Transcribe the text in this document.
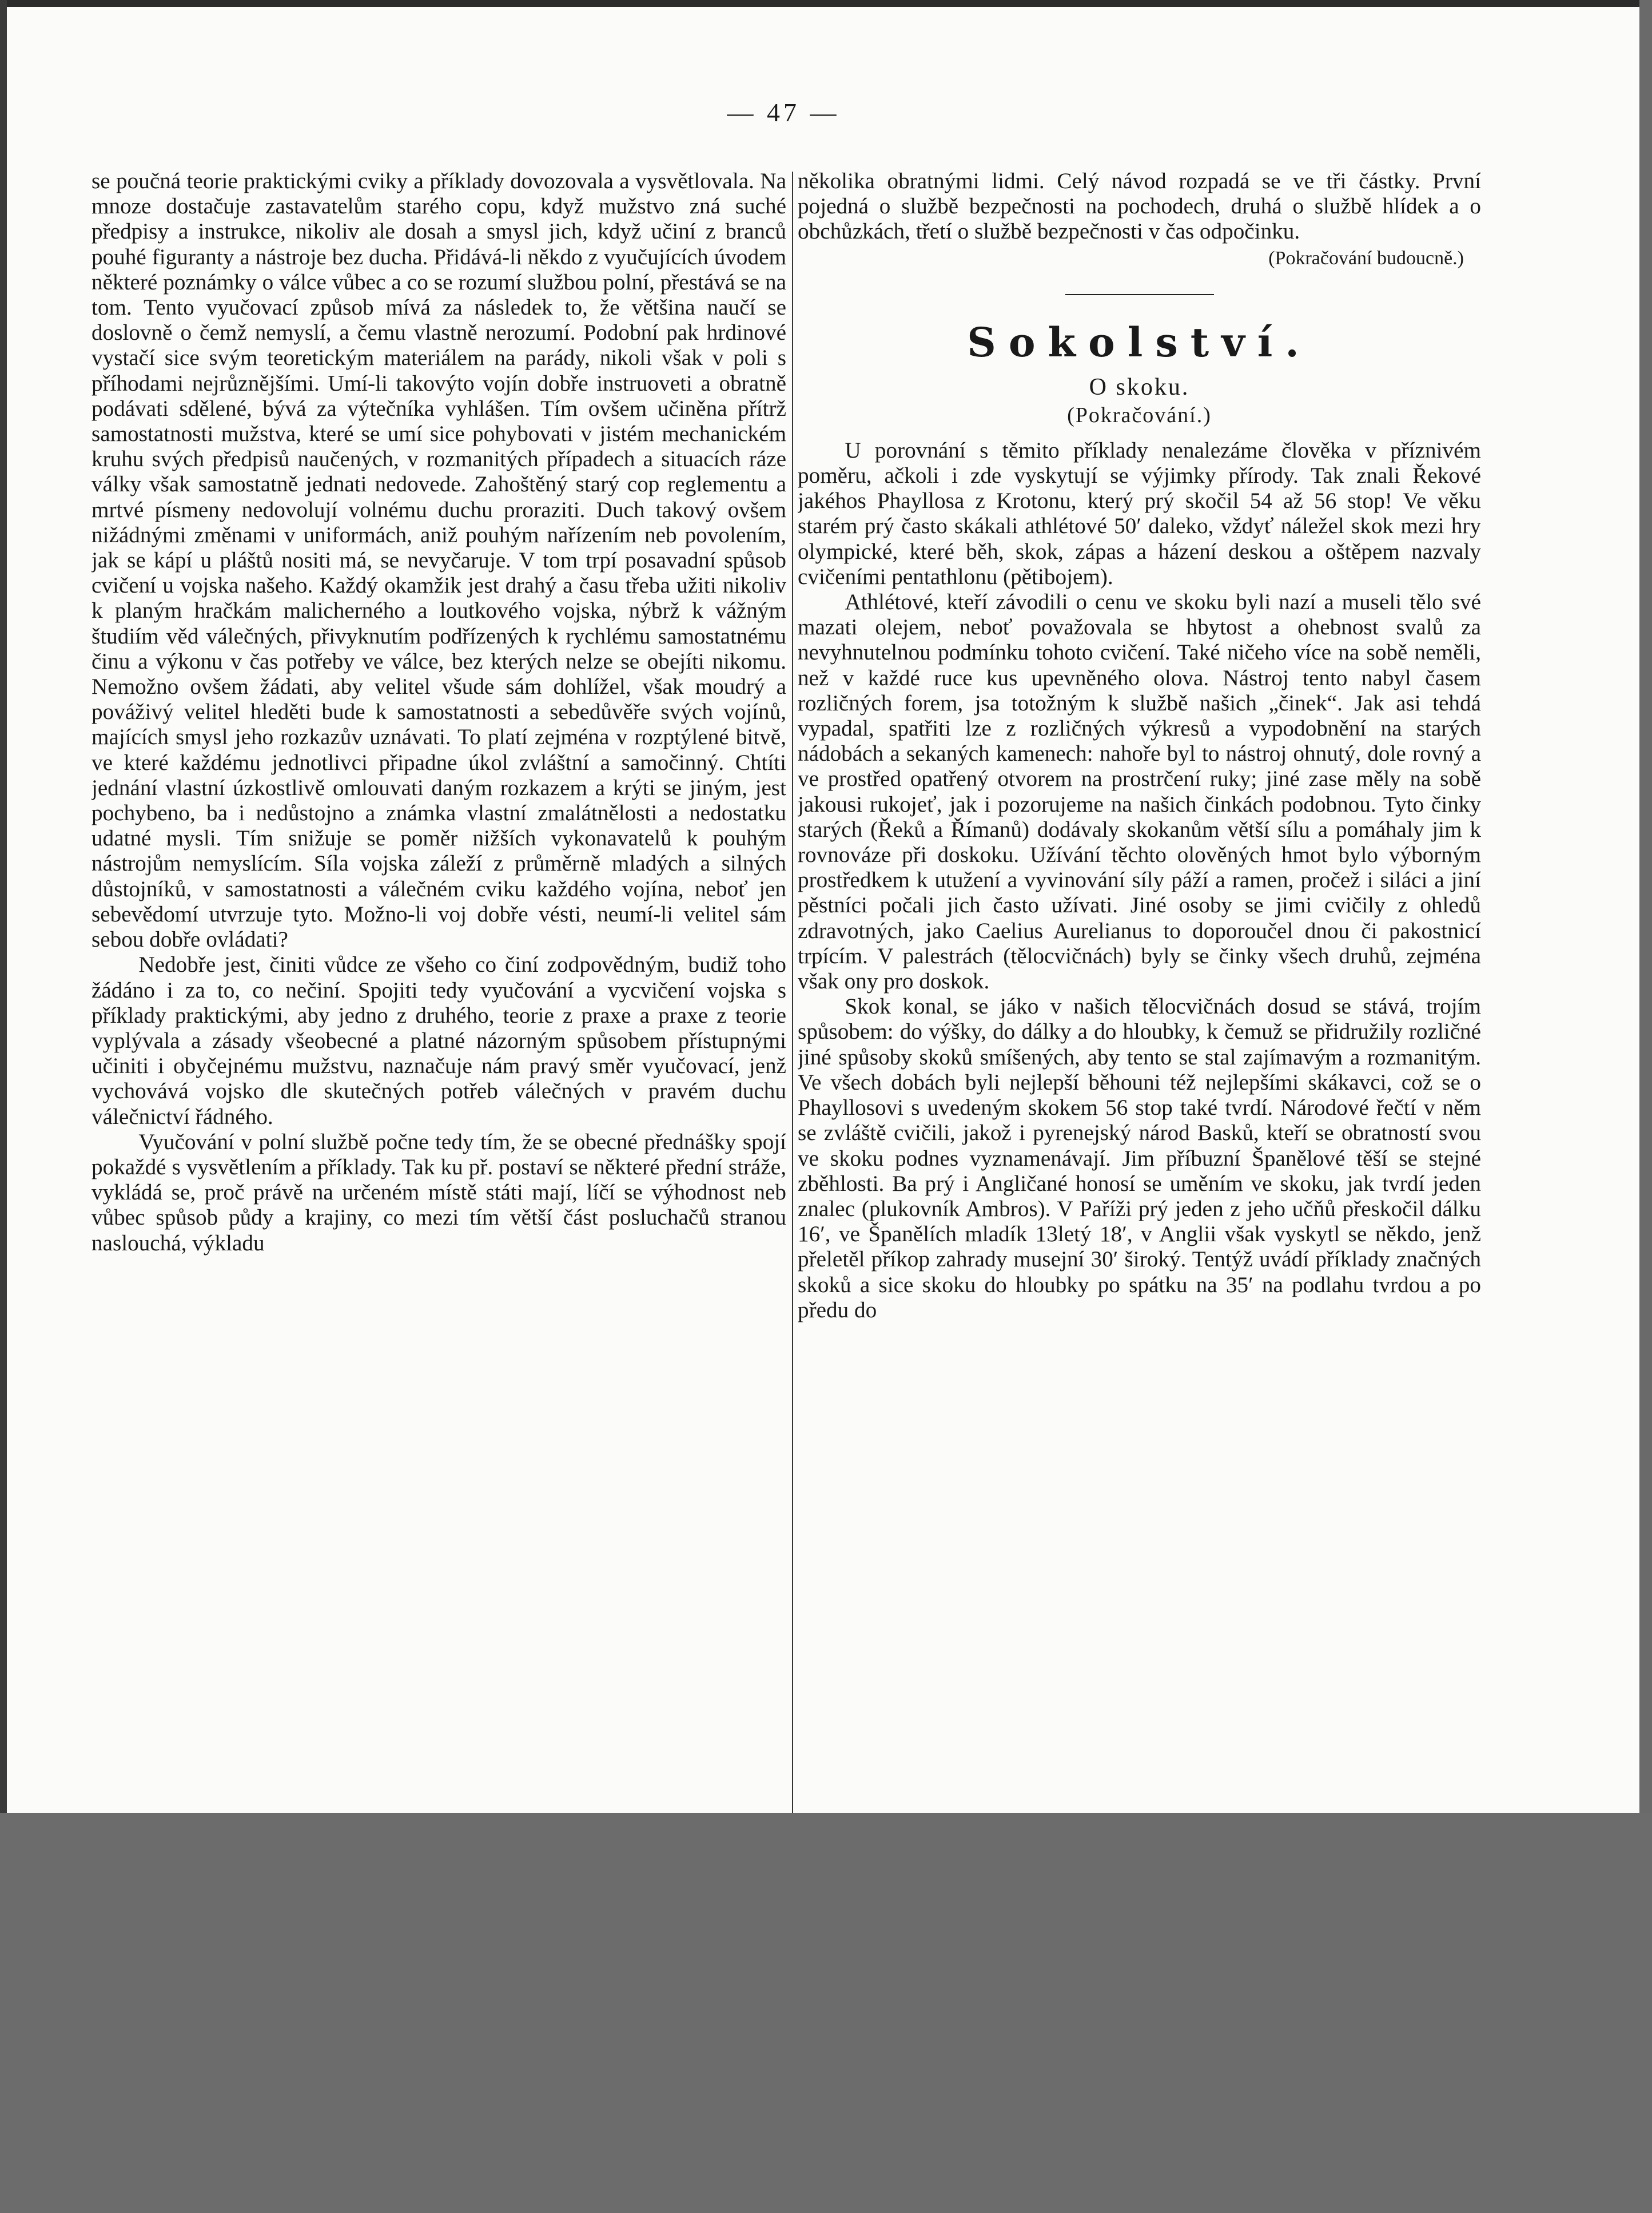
— 47 —

se poučná teorie praktickými cviky a příklady dovozovala a vysvětlovala. Na mnoze dostačuje zastavatelům starého copu, když mužstvo zná suché předpisy a instrukce, nikoliv ale dosah a smysl jich, když učiní z branců pouhé figuranty a nástroje bez ducha. Přidává-li někdo z vyučujících úvodem některé poznámky o válce vůbec a co se rozumí službou polní, přestává se na tom. Tento vyučovací způsob mívá za následek to, že většina naučí se doslovně o čemž nemyslí, a čemu vlastně nerozumí. Podobní pak hrdinové vystačí sice svým teoretickým materiálem na parády, nikoli však v poli s příhodami nejrůznějšími. Umí-li takovýto vojín dobře instruoveti a obratně podávati sdělené, bývá za výtečníka vyhlášen. Tím ovšem učiněna přítrž samostatnosti mužstva, které se umí sice pohybovati v jistém mechanickém kruhu svých předpisů naučených, v rozmanitých případech a situacích ráze války však samostatně jednati nedovede. Zahoštěný starý cop reglementu a mrtvé písmeny nedovolují volnému duchu proraziti. Duch takový ovšem nižádnými změnami v uniformách, aniž pouhým nařízením neb povolením, jak se kápí u pláštů nositi má, se nevyčaruje. V tom trpí posavadní spůsob cvičení u vojska našeho. Každý okamžik jest drahý a času třeba užiti nikoliv k planým hračkám malicherného a loutkového vojska, nýbrž k vážným študiím věd válečných, přivyknutím podřízených k rychlému samostatnému činu a výkonu v čas potřeby ve válce, bez kterých nelze se obejíti nikomu. Nemožno ovšem žádati, aby velitel všude sám dohlížel, však moudrý a pováživý velitel hleděti bude k samostatnosti a sebedůvěře svých vojínů, majících smysl jeho rozkazův uznávati. To platí zejména v rozptýlené bitvě, ve které každému jednotlivci připadne úkol zvláštní a samočinný. Chtíti jednání vlastní úzkostlivě omlouvati daným rozkazem a krýti se jiným, jest pochybeno, ba i nedůstojno a známka vlastní zmalátnělosti a nedostatku udatné mysli. Tím snižuje se poměr nižších vykonavatelů k pouhým nástrojům nemyslícím. Síla vojska záleží z průměrně mladých a silných důstojníků, v samostatnosti a válečném cviku každého vojína, neboť jen sebevědomí utvrzuje tyto. Možno-li voj dobře vésti, neumí-li velitel sám sebou dobře ovládati?

Nedobře jest, činiti vůdce ze všeho co činí zodpovědným, budiž toho žádáno i za to, co nečiní. Spojiti tedy vyučování a vycvičení vojska s příklady praktickými, aby jedno z druhého, teorie z praxe a praxe z teorie vyplývala a zásady všeobecné a platné názorným spůsobem přístupnými učiniti i obyčejnému mužstvu, naznačuje nám pravý směr vyučovací, jenž vychovává vojsko dle skutečných potřeb válečných v pravém duchu válečnictví řádného.

Vyučování v polní službě počne tedy tím, že se obecné přednášky spojí pokaždé s vysvětlením a příklady. Tak ku př. postaví se některé přední stráže, vykládá se, proč právě na určeném místě státi mají, líčí se výhodnost neb vůbec spůsob půdy a krajiny, co mezi tím větší část posluchačů stranou naslouchá, výkladu

několika obratnými lidmi. Celý návod rozpadá se ve tři částky. První pojedná o službě bezpečnosti na pochodech, druhá o službě hlídek a o obchůzkách, třetí o službě bezpečnosti v čas odpočinku.

(Pokračování budoucně.)
Sokolství.
O skoku.
(Pokračování.)

U porovnání s těmito příklady nenalezáme člověka v příznivém poměru, ačkoli i zde vyskytují se výjimky přírody. Tak znali Řekové jakéhos Phayllosa z Krotonu, který prý skočil 54 až 56 stop! Ve věku starém prý často skákali athlétové 50′ daleko, vždyť náležel skok mezi hry olympické, které běh, skok, zápas a házení deskou a oštěpem nazvaly cvičeními pentathlonu (pětibojem).

Athlétové, kteří závodili o cenu ve skoku byli nazí a museli tělo své mazati olejem, neboť považovala se hbytost a ohebnost svalů za nevyhnutelnou podmínku tohoto cvičení. Také ničeho více na sobě neměli, než v každé ruce kus upevněného olova. Nástroj tento nabyl časem rozličných forem, jsa totožným k službě našich „činek“. Jak asi tehdá vypadal, spatřiti lze z rozličných výkresů a vypodobnění na starých nádobách a sekaných kamenech: nahoře byl to nástroj ohnutý, dole rovný a ve prostřed opatřený otvorem na prostrčení ruky; jiné zase měly na sobě jakousi rukojeť, jak i pozorujeme na našich činkách podobnou. Tyto činky starých (Řeků a Římanů) dodávaly skokanům větší sílu a pomáhaly jim k rovnováze při doskoku. Užívání těchto olověných hmot bylo výborným prostředkem k utužení a vyvinování síly páží a ramen, pročež i siláci a jiní pěstníci počali jich často užívati. Jiné osoby se jimi cvičily z ohledů zdravotných, jako Caelius Aurelianus to doporoučel dnou či pakostnicí trpícím. V palestrách (tělocvičnách) byly se činky všech druhů, zejména však ony pro doskok.

Skok konal, se jáko v našich tělocvičnách dosud se stává, trojím spůsobem: do výšky, do dálky a do hloubky, k čemuž se přidružily rozličné jiné spůsoby skoků smíšených, aby tento se stal zajímavým a rozmanitým. Ve všech dobách byli nejlepší běhouni též nejlepšími skákavci, což se o Phayllosovi s uvedeným skokem 56 stop také tvrdí. Národové řečtí v něm se zvláště cvičili, jakož i pyrenejský národ Basků, kteří se obratností svou ve skoku podnes vyznamenávají. Jim příbuzní Španělové těší se stejné zběhlosti. Ba prý i Angličané honosí se uměním ve skoku, jak tvrdí jeden znalec (plukovník Ambros). V Paříži prý jeden z jeho učňů přeskočil dálku 16′, ve Španělích mladík 13letý 18′, v Anglii však vyskytl se někdo, jenž přeletěl příkop zahrady musejní 30′ široký. Tentýž uvádí příklady značných skoků a sice skoku do hloubky po spátku na 35′ na podlahu tvrdou a po předu do
